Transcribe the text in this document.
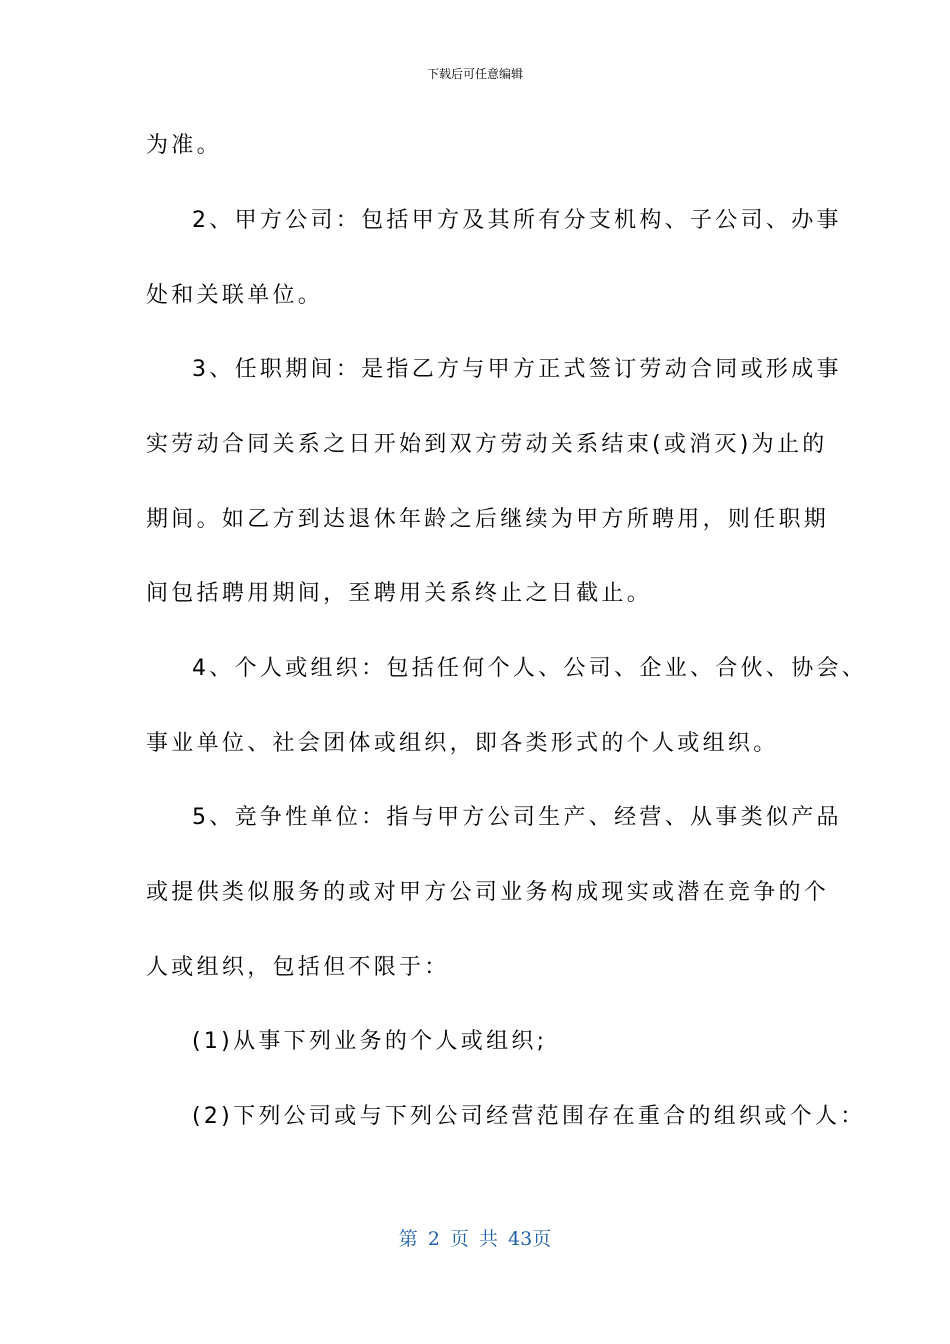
下载后可任意编辑
为准。
2、甲方公司：包括甲方及其所有分支机构、子公司、办事
处和关联单位。
3、任职期间：是指乙方与甲方正式签订劳动合同或形成事
实劳动合同关系之日开始到双方劳动关系结束(或消灭)为止的
期间。如乙方到达退休年龄之后继续为甲方所聘用，则任职期
间包括聘用期间，至聘用关系终止之日截止。
4、个人或组织：包括任何个人、公司、企业、合伙、协会、
事业单位、社会团体或组织，即各类形式的个人或组织。
5、竞争性单位：指与甲方公司生产、经营、从事类似产品
或提供类似服务的或对甲方公司业务构成现实或潜在竞争的个
人或组织，包括但不限于：
(1)从事下列业务的个人或组织;
(2)下列公司或与下列公司经营范围存在重合的组织或个人：
第 2 页 共 43页
